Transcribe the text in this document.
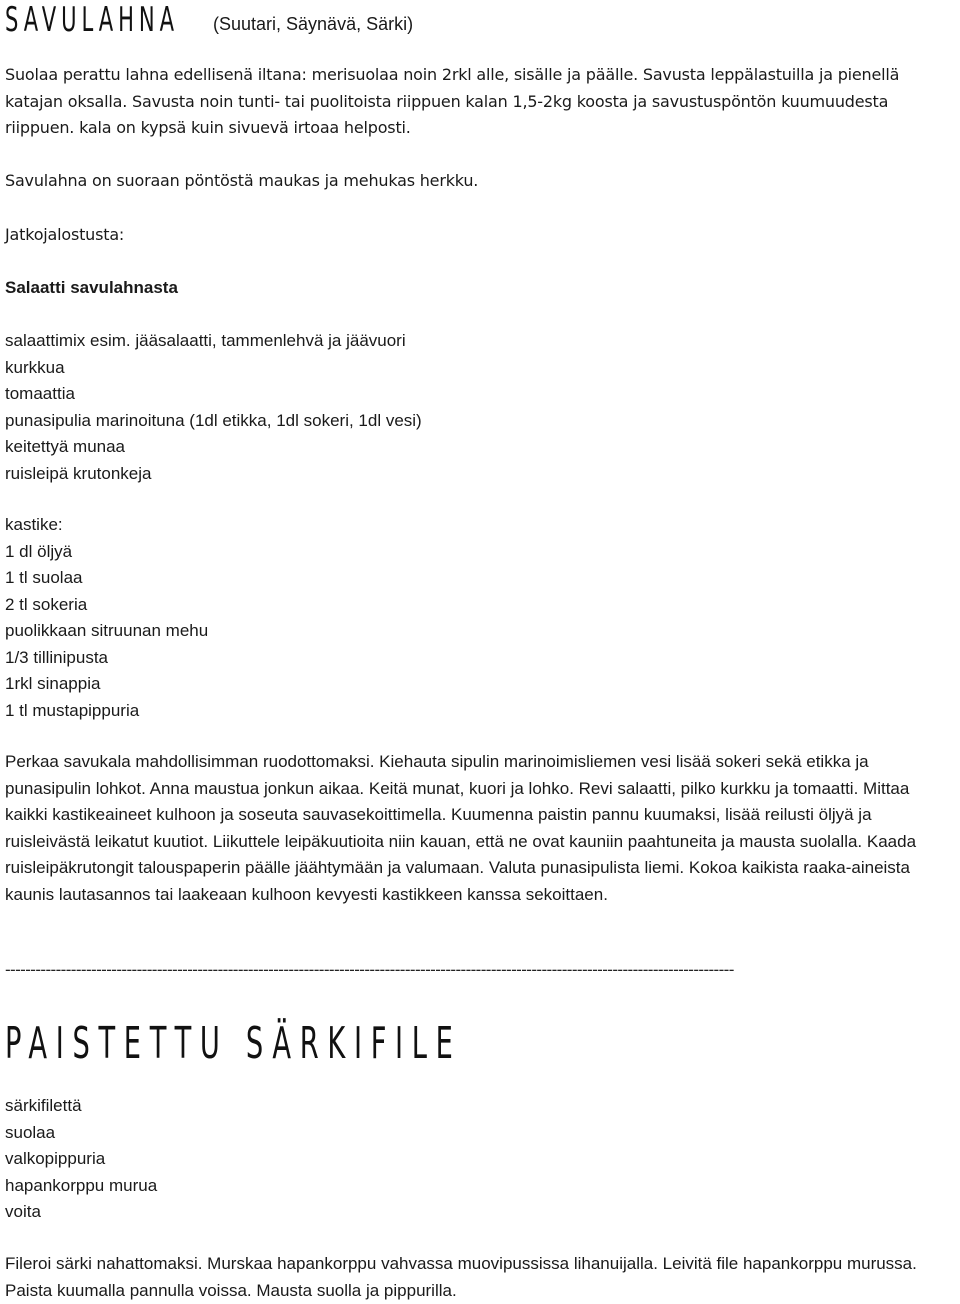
SAVULAHNA	(Suutari, Säynävä, Särki)

Suolaa perattu lahna edellisenä iltana: merisuolaa noin 2rkl alle, sisälle ja päälle. Savusta leppälastuilla ja pienellä katajan oksalla. Savusta noin tunti- tai puolitoista riippuen kalan 1,5-2kg koosta ja savustuspöntön kuumuudesta riippuen. kala on kypsä kuin sivuevä irtoaa helposti.

Savulahna on suoraan pöntöstä maukas ja mehukas herkku.

Jatkojalostusta:

Salaatti savulahnasta

salaattimix esim. jääsalaatti, tammenlehvä ja jäävuori
kurkkua
tomaattia
punasipulia marinoituna (1dl etikka, 1dl sokeri, 1dl vesi)
keitettyä munaa
ruisleipä krutonkeja
kastike:
1 dl öljyä
1 tl suolaa
2 tl sokeria
puolikkaan sitruunan mehu
1/3 tillinipusta
1rkl sinappia
1 tl mustapippuria

Perkaa savukala mahdollisimman ruodottomaksi. Kiehauta sipulin marinoimisliemen vesi lisää sokeri sekä etikka ja punasipulin lohkot. Anna maustua jonkun aikaa. Keitä munat, kuori ja lohko. Revi salaatti, pilko kurkku ja tomaatti. Mittaa kaikki kastikeaineet kulhoon ja soseuta sauvasekoittimella. Kuumenna paistin pannu kuumaksi, lisää reilusti öljyä ja ruisleivästä leikatut kuutiot. Liikuttele leipäkuutioita niin kauan, että ne ovat kauniin paahtuneita ja mausta suolalla. Kaada ruisleipäkrutongit talouspaperin päälle jäähtymään ja valumaan. Valuta punasipulista liemi. Kokoa kaikista raaka-aineista kaunis lautasannos tai laakeaan kulhoon kevyesti kastikkeen kanssa sekoittaen.

------------------------------------------------------------------------------------------------------------------------------------------------
PAISTETTU SÄRKIFILE
särkifilettä
suolaa
valkopippuria
hapankorppu murua
voita

Fileroi särki nahattomaksi. Murskaa hapankorppu vahvassa muovipussissa lihanuijalla. Leivitä file hapankorppu murussa. Paista kuumalla pannulla voissa. Mausta suolla ja pippurilla.
